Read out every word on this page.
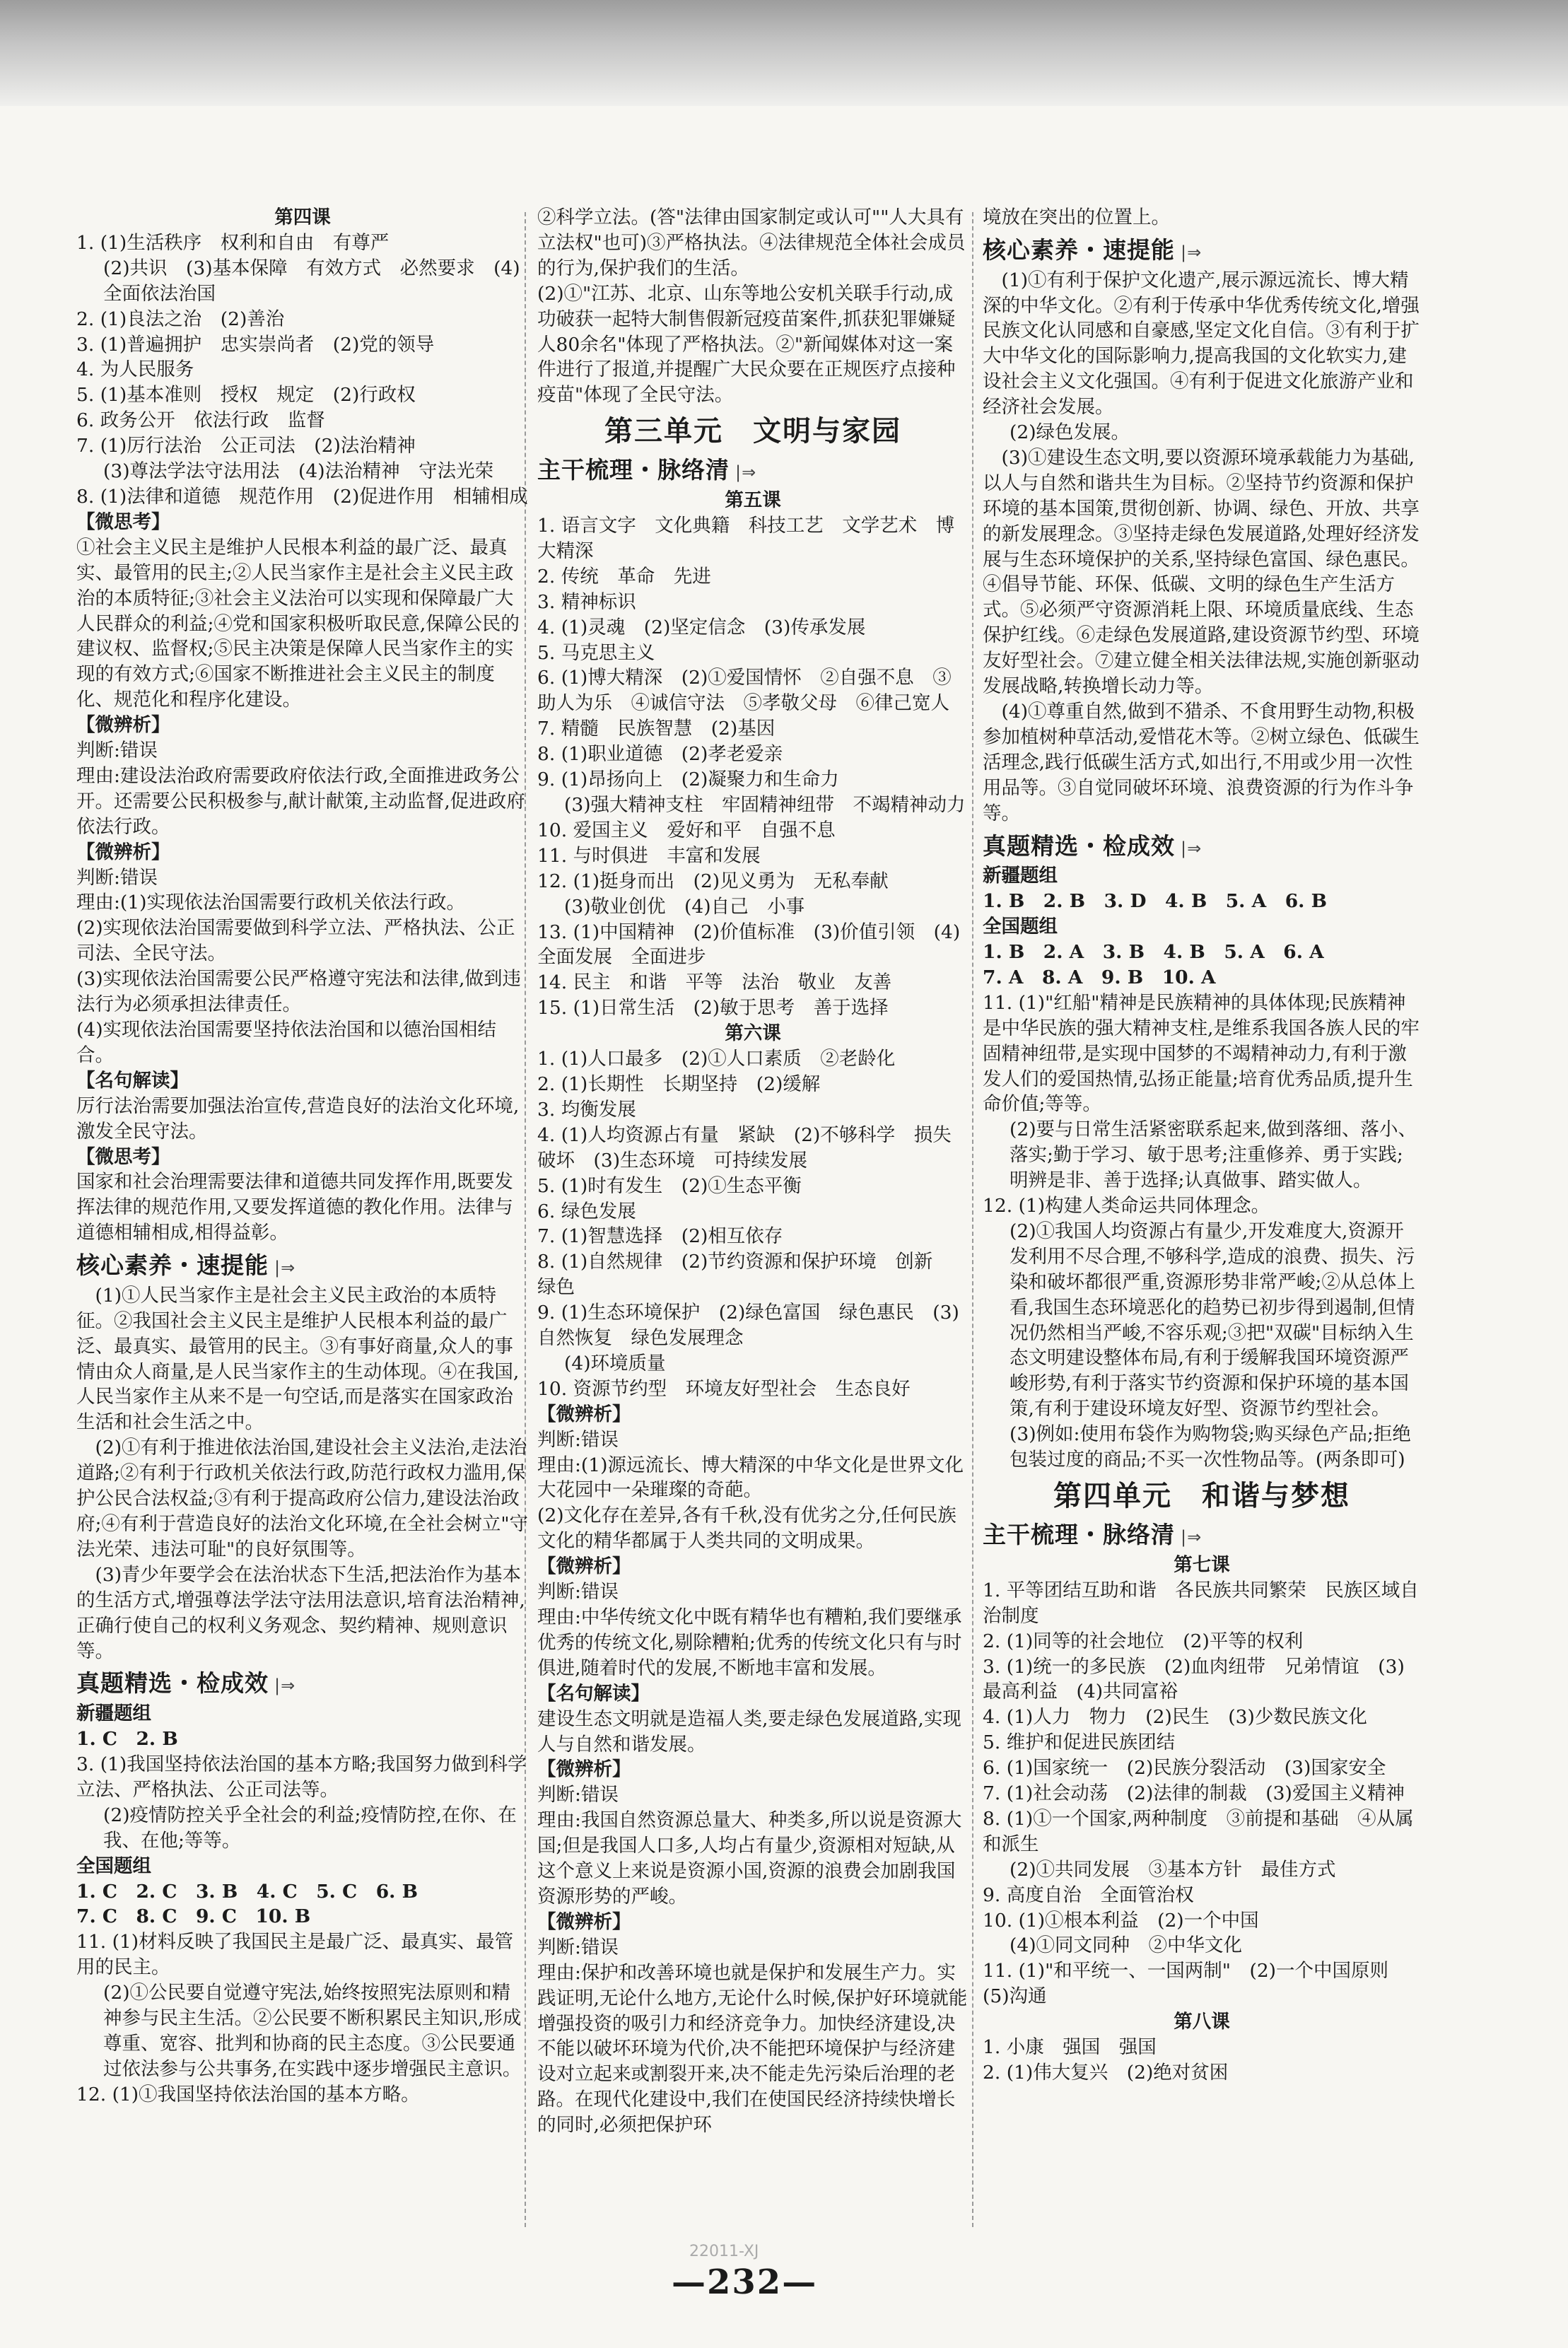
第四课
1. (1)生活秩序　权利和自由　有尊严
(2)共识　(3)基本保障　有效方式　必然要求　(4)全面依法治国
2. (1)良法之治　(2)善治
3. (1)普遍拥护　忠实崇尚者　(2)党的领导
4. 为人民服务
5. (1)基本准则　授权　规定　(2)行政权
6. 政务公开　依法行政　监督
7. (1)厉行法治　公正司法　(2)法治精神
(3)尊法学法守法用法　(4)法治精神　守法光荣
8. (1)法律和道德　规范作用　(2)促进作用　相辅相成
【微思考】
①社会主义民主是维护人民根本利益的最广泛、最真实、最管用的民主;②人民当家作主是社会主义民主政治的本质特征;③社会主义法治可以实现和保障最广大人民群众的利益;④党和国家积极听取民意,保障公民的建议权、监督权;⑤民主决策是保障人民当家作主的实现的有效方式;⑥国家不断推进社会主义民主的制度化、规范化和程序化建设。
【微辨析】
判断:错误
理由:建设法治政府需要政府依法行政,全面推进政务公开。还需要公民积极参与,献计献策,主动监督,促进政府依法行政。
【微辨析】
判断:错误
理由:(1)实现依法治国需要行政机关依法行政。
(2)实现依法治国需要做到科学立法、严格执法、公正司法、全民守法。
(3)实现依法治国需要公民严格遵守宪法和法律,做到违法行为必须承担法律责任。
(4)实现依法治国需要坚持依法治国和以德治国相结合。
【名句解读】
厉行法治需要加强法治宣传,营造良好的法治文化环境,激发全民守法。
【微思考】
国家和社会治理需要法律和道德共同发挥作用,既要发挥法律的规范作用,又要发挥道德的教化作用。法律与道德相辅相成,相得益彰。
核心素养・速提能 |⇒
　(1)①人民当家作主是社会主义民主政治的本质特征。②我国社会主义民主是维护人民根本利益的最广泛、最真实、最管用的民主。③有事好商量,众人的事情由众人商量,是人民当家作主的生动体现。④在我国,人民当家作主从来不是一句空话,而是落实在国家政治生活和社会生活之中。
　(2)①有利于推进依法治国,建设社会主义法治,走法治道路;②有利于行政机关依法行政,防范行政权力滥用,保护公民合法权益;③有利于提高政府公信力,建设法治政府;④有利于营造良好的法治文化环境,在全社会树立"守法光荣、违法可耻"的良好氛围等。
　(3)青少年要学会在法治状态下生活,把法治作为基本的生活方式,增强尊法学法守法用法意识,培育法治精神,正确行使自己的权利义务观念、契约精神、规则意识等。
真题精选・检成效 |⇒
新疆题组
1. C　2. B
3. (1)我国坚持依法治国的基本方略;我国努力做到科学立法、严格执法、公正司法等。
(2)疫情防控关乎全社会的利益;疫情防控,在你、在我、在他;等等。
全国题组
1. C　2. C　3. B　4. C　5. C　6. B
7. C　8. C　9. C　10. B
11. (1)材料反映了我国民主是最广泛、最真实、最管用的民主。
(2)①公民要自觉遵守宪法,始终按照宪法原则和精神参与民主生活。②公民要不断积累民主知识,形成尊重、宽容、批判和协商的民主态度。③公民要通过依法参与公共事务,在实践中逐步增强民主意识。
12. (1)①我国坚持依法治国的基本方略。
②科学立法。(答"法律由国家制定或认可""人大具有立法权"也可)③严格执法。④法律规范全体社会成员的行为,保护我们的生活。
(2)①"江苏、北京、山东等地公安机关联手行动,成功破获一起特大制售假新冠疫苗案件,抓获犯罪嫌疑人80余名"体现了严格执法。②"新闻媒体对这一案件进行了报道,并提醒广大民众要在正规医疗点接种疫苗"体现了全民守法。
第三单元　文明与家园
主干梳理・脉络清 |⇒
第五课
1. 语言文字　文化典籍　科技工艺　文学艺术　博大精深
2. 传统　革命　先进
3. 精神标识
4. (1)灵魂　(2)坚定信念　(3)传承发展
5. 马克思主义
6. (1)博大精深　(2)①爱国情怀　②自强不息　③助人为乐　④诚信守法　⑤孝敬父母　⑥律己宽人
7. 精髓　民族智慧　(2)基因
8. (1)职业道德　(2)孝老爱亲
9. (1)昂扬向上　(2)凝聚力和生命力
(3)强大精神支柱　牢固精神纽带　不竭精神动力
10. 爱国主义　爱好和平　自强不息
11. 与时俱进　丰富和发展
12. (1)挺身而出　(2)见义勇为　无私奉献
(3)敬业创优　(4)自己　小事
13. (1)中国精神　(2)价值标准　(3)价值引领　(4)全面发展　全面进步
14. 民主　和谐　平等　法治　敬业　友善
15. (1)日常生活　(2)敏于思考　善于选择
第六课
1. (1)人口最多　(2)①人口素质　②老龄化
2. (1)长期性　长期坚持　(2)缓解
3. 均衡发展
4. (1)人均资源占有量　紧缺　(2)不够科学　损失　破坏　(3)生态环境　可持续发展
5. (1)时有发生　(2)①生态平衡
6. 绿色发展
7. (1)智慧选择　(2)相互依存
8. (1)自然规律　(2)节约资源和保护环境　创新　绿色
9. (1)生态环境保护　(2)绿色富国　绿色惠民　(3)自然恢复　绿色发展理念
(4)环境质量
10. 资源节约型　环境友好型社会　生态良好
【微辨析】
判断:错误
理由:(1)源远流长、博大精深的中华文化是世界文化大花园中一朵璀璨的奇葩。
(2)文化存在差异,各有千秋,没有优劣之分,任何民族文化的精华都属于人类共同的文明成果。
【微辨析】
判断:错误
理由:中华传统文化中既有精华也有糟粕,我们要继承优秀的传统文化,剔除糟粕;优秀的传统文化只有与时俱进,随着时代的发展,不断地丰富和发展。
【名句解读】
建设生态文明就是造福人类,要走绿色发展道路,实现人与自然和谐发展。
【微辨析】
判断:错误
理由:我国自然资源总量大、种类多,所以说是资源大国;但是我国人口多,人均占有量少,资源相对短缺,从这个意义上来说是资源小国,资源的浪费会加剧我国资源形势的严峻。
【微辨析】
判断:错误
理由:保护和改善环境也就是保护和发展生产力。实践证明,无论什么地方,无论什么时候,保护好环境就能增强投资的吸引力和经济竞争力。加快经济建设,决不能以破坏环境为代价,决不能把环境保护与经济建设对立起来或割裂开来,决不能走先污染后治理的老路。在现代化建设中,我们在使国民经济持续快增长的同时,必须把保护环
境放在突出的位置上。
核心素养・速提能 |⇒
　(1)①有利于保护文化遗产,展示源远流长、博大精深的中华文化。②有利于传承中华优秀传统文化,增强民族文化认同感和自豪感,坚定文化自信。③有利于扩大中华文化的国际影响力,提高我国的文化软实力,建设社会主义文化强国。④有利于促进文化旅游产业和经济社会发展。
(2)绿色发展。
　(3)①建设生态文明,要以资源环境承载能力为基础,以人与自然和谐共生为目标。②坚持节约资源和保护环境的基本国策,贯彻创新、协调、绿色、开放、共享的新发展理念。③坚持走绿色发展道路,处理好经济发展与生态环境保护的关系,坚持绿色富国、绿色惠民。④倡导节能、环保、低碳、文明的绿色生产生活方式。⑤必须严守资源消耗上限、环境质量底线、生态保护红线。⑥走绿色发展道路,建设资源节约型、环境友好型社会。⑦建立健全相关法律法规,实施创新驱动发展战略,转换增长动力等。
　(4)①尊重自然,做到不猎杀、不食用野生动物,积极参加植树种草活动,爱惜花木等。②树立绿色、低碳生活理念,践行低碳生活方式,如出行,不用或少用一次性用品等。③自觉同破坏环境、浪费资源的行为作斗争等。
真题精选・检成效 |⇒
新疆题组
1. B　2. B　3. D　4. B　5. A　6. B
全国题组
1. B　2. A　3. B　4. B　5. A　6. A
7. A　8. A　9. B　10. A
11. (1)"红船"精神是民族精神的具体体现;民族精神是中华民族的强大精神支柱,是维系我国各族人民的牢固精神纽带,是实现中国梦的不竭精神动力,有利于激发人们的爱国热情,弘扬正能量;培育优秀品质,提升生命价值;等等。
(2)要与日常生活紧密联系起来,做到落细、落小、落实;勤于学习、敏于思考;注重修养、勇于实践;明辨是非、善于选择;认真做事、踏实做人。
12. (1)构建人类命运共同体理念。
(2)①我国人均资源占有量少,开发难度大,资源开发利用不尽合理,不够科学,造成的浪费、损失、污染和破坏都很严重,资源形势非常严峻;②从总体上看,我国生态环境恶化的趋势已初步得到遏制,但情况仍然相当严峻,不容乐观;③把"双碳"目标纳入生态文明建设整体布局,有利于缓解我国环境资源严峻形势,有利于落实节约资源和保护环境的基本国策,有利于建设环境友好型、资源节约型社会。
(3)例如:使用布袋作为购物袋;购买绿色产品;拒绝包装过度的商品;不买一次性物品等。(两条即可)
第四单元　和谐与梦想
主干梳理・脉络清 |⇒
第七课
1. 平等团结互助和谐　各民族共同繁荣　民族区域自治制度
2. (1)同等的社会地位　(2)平等的权利
3. (1)统一的多民族　(2)血肉纽带　兄弟情谊　(3)最高利益　(4)共同富裕
4. (1)人力　物力　(2)民生　(3)少数民族文化
5. 维护和促进民族团结
6. (1)国家统一　(2)民族分裂活动　(3)国家安全
7. (1)社会动荡　(2)法律的制裁　(3)爱国主义精神
8. (1)①一个国家,两种制度　③前提和基础　④从属和派生
(2)①共同发展　③基本方针　最佳方式
9. 高度自治　全面管治权
10. (1)①根本利益　(2)一个中国
(4)①同文同种　②中华文化
11. (1)"和平统一、一国两制"　(2)一个中国原则　(5)沟通
第八课
1. 小康　强国　强国
2. (1)伟大复兴　(2)绝对贫困
22011-XJ
—232—
